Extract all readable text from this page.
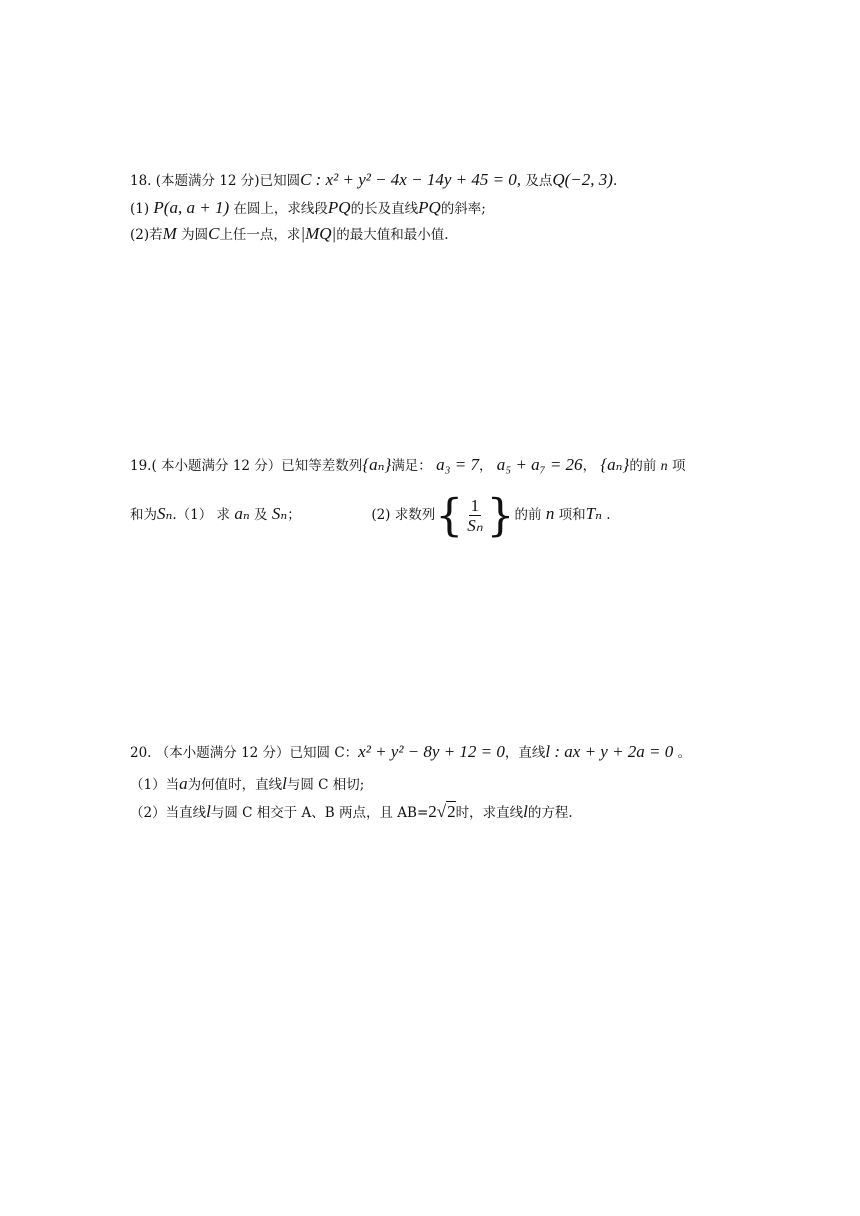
18. (本题满分 12 分)已知圆C : x² + y² − 4x − 14y + 45 = 0, 及点Q(−2, 3).
(1) P(a, a + 1) 在圆上，求线段PQ的长及直线PQ的斜率;
(2)若M 为圆C上任一点，求|MQ|的最大值和最小值.
19.( 本小题满分 12 分）已知等差数列{aₙ}满足： a₃ = 7， a₅ + a₇ = 26， {aₙ}的前 n 项
和为Sₙ.（1） 求 aₙ 及 Sₙ；	(2) 求数列{ $\frac{1}{\text{Sₙ}}$ }的前 n 项和Tₙ .
20. （本小题满分 12 分）已知圆 C：x² + y² − 8y + 12 = 0，直线l : ax + y + 2a = 0 。
（1）当a为何值时，直线l与圆 C 相切;
（2）当直线l与圆 C 相交于 A、B 两点，且 AB=2√2时，求直线l的方程.
